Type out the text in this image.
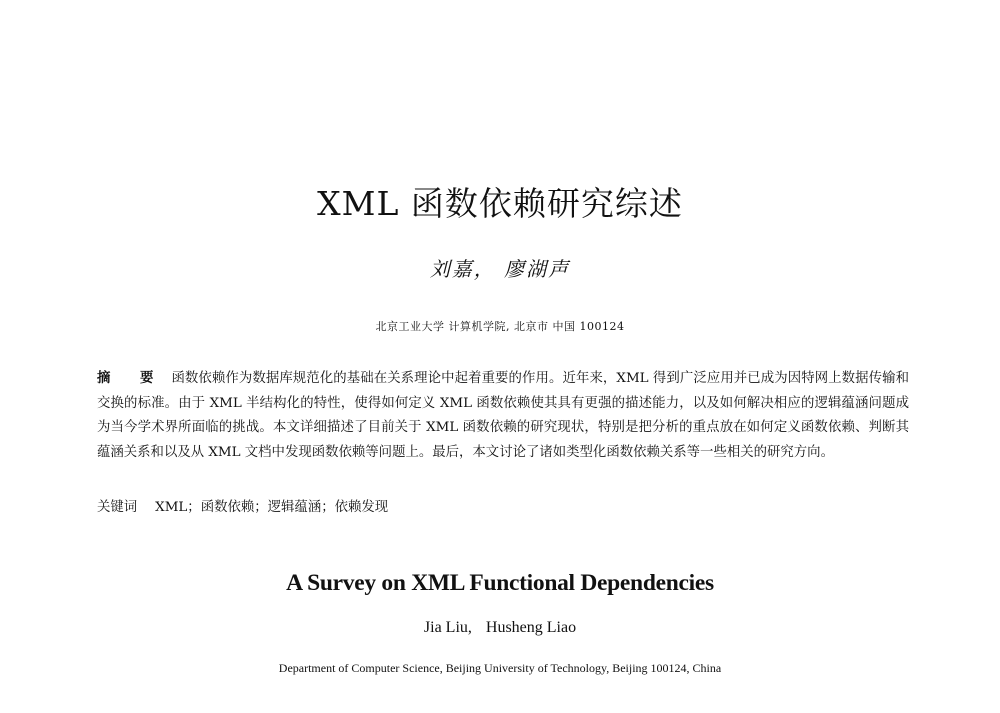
XML 函数依赖研究综述
刘嘉， 廖湖声
北京工业大学 计算机学院, 北京市 中国 100124
摘　要 函数依赖作为数据库规范化的基础在关系理论中起着重要的作用。近年来，XML 得到广泛应用并已成为因特网上数据传输和交换的标准。由于 XML 半结构化的特性，使得如何定义 XML 函数依赖使其具有更强的描述能力，以及如何解决相应的逻辑蕴涵问题成为当今学术界所面临的挑战。本文详细描述了目前关于 XML 函数依赖的研究现状，特别是把分析的重点放在如何定义函数依赖、判断其蕴涵关系和以及从 XML 文档中发现函数依赖等问题上。最后，本文讨论了诸如类型化函数依赖关系等一些相关的研究方向。
关键词 XML；函数依赖；逻辑蕴涵；依赖发现
A Survey on XML Functional Dependencies
Jia Liu, Husheng Liao
Department of Computer Science, Beijing University of Technology, Beijing 100124, China
